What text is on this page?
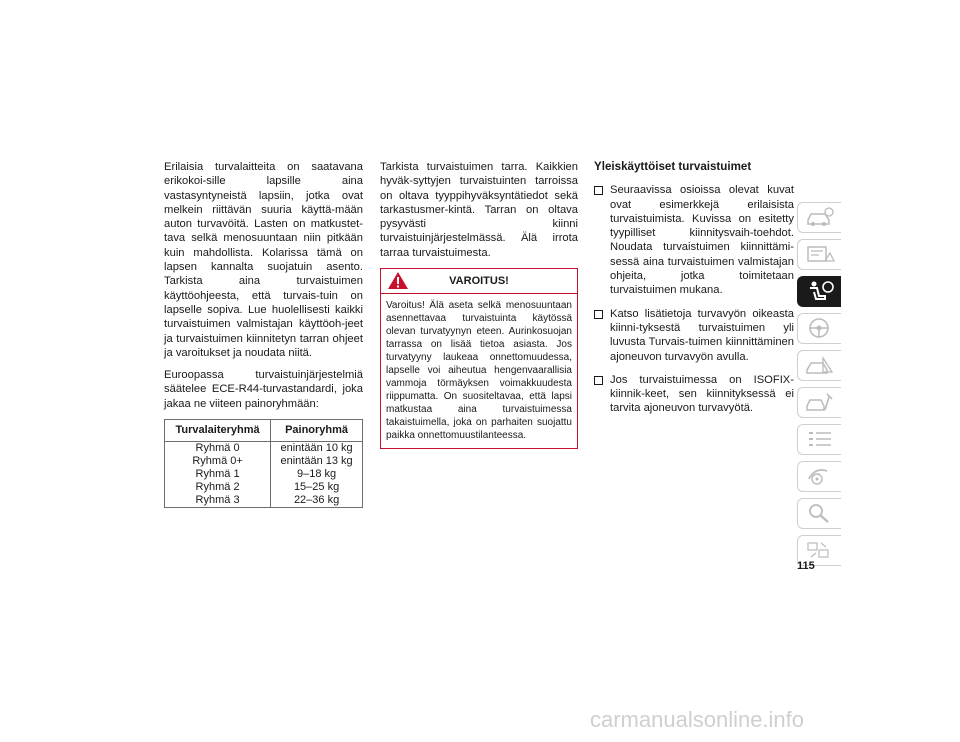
Erilaisia turvalaitteita on saatavana erikokoi-sille lapsille aina vastasyntyneistä lapsiin, jotka ovat melkein riittävän suuria käyttä-mään auton turvavöitä. Lasten on matkustet-tava selkä menosuuntaan niin pitkään kuin mahdollista. Kolarissa tämä on lapsen kannalta suojatuin asento. Tarkista aina turvaistuimen käyttöohjeesta, että turvais-tuin on lapselle sopiva. Lue huolellisesti kaikki turvaistuimen valmistajan käyttöoh-jeet ja turvaistuimen kiinnitetyn tarran ohjeet ja varoitukset ja noudata niitä.

Euroopassa turvaistuinjärjestelmiä säätelee ECE-R44-turvastandardi, joka jakaa ne viiteen painoryhmään:

Turvalaiteryhmä	Painoryhmä
Ryhmä 0	enintään 10 kg
Ryhmä 0+	enintään 13 kg
Ryhmä 1	9–18 kg
Ryhmä 2	15–25 kg
Ryhmä 3	22–36 kg

Tarkista turvaistuimen tarra. Kaikkien hyväk-syttyjen turvaistuinten tarroissa on oltava tyyppihyväksyntätiedot sekä tarkastusmer-kintä. Tarran on oltava pysyvästi kiinni turvaistuinjärjestelmässä. Älä irrota tarraa turvaistuimesta.

VAROITUS!
Varoitus! Älä aseta selkä menosuuntaan asennettavaa turvaistuinta käytössä olevan turvatyynyn eteen. Aurinkosuojan tarrassa on lisää tietoa asiasta. Jos turvatyyny laukeaa onnettomuudessa, lapselle voi aiheutua hengenvaarallisia vammoja törmäyksen voimakkuudesta riippumatta. On suositeltavaa, että lapsi matkustaa aina turvaistuimessa takaistuimella, joka on parhaiten suojattu paikka onnettomuustilanteessa.
Yleiskäyttöiset turvaistuimet
Seuraavissa osioissa olevat kuvat ovat esimerkkejä erilaisista turvaistuimista. Kuvissa on esitetty tyypilliset kiinnitysvaih-toehdot. Noudata turvaistuimen kiinnittämi-sessä aina turvaistuimen valmistajan ohjeita, jotka toimitetaan turvaistuimen mukana.
Katso lisätietoja turvavyön oikeasta kiinni-tyksestä turvaistuimen yli luvusta Turvais-tuimen kiinnittäminen ajoneuvon turvavyön avulla.
Jos turvaistuimessa on ISOFIX-kiinnik-keet, sen kiinnityksessä ei tarvita ajoneuvon turvavyötä.
115
carmanualsonline.info
